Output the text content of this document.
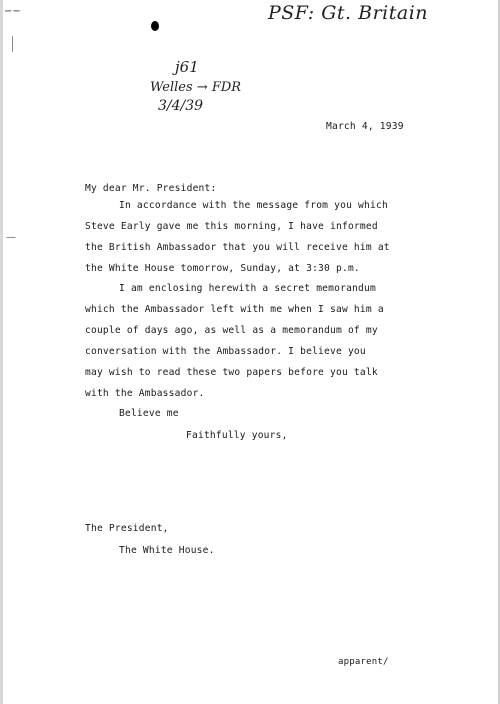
−−
—
PSF: Gt. Britain
j61
Welles → FDR
3/4/39
March 4, 1939
My dear Mr. President:
In accordance with the message from you which
Steve Early gave me this morning, I have informed
the British Ambassador that you will receive him at
the White House tomorrow, Sunday, at 3:30 p.m.
I am enclosing herewith a secret memorandum
which the Ambassador left with me when I saw him a
couple of days ago, as well as a memorandum of my
conversation with the Ambassador. I believe you
may wish to read these two papers before you talk
with the Ambassador.
Believe me
Faithfully yours,
The President,
The White House.
apparent/
